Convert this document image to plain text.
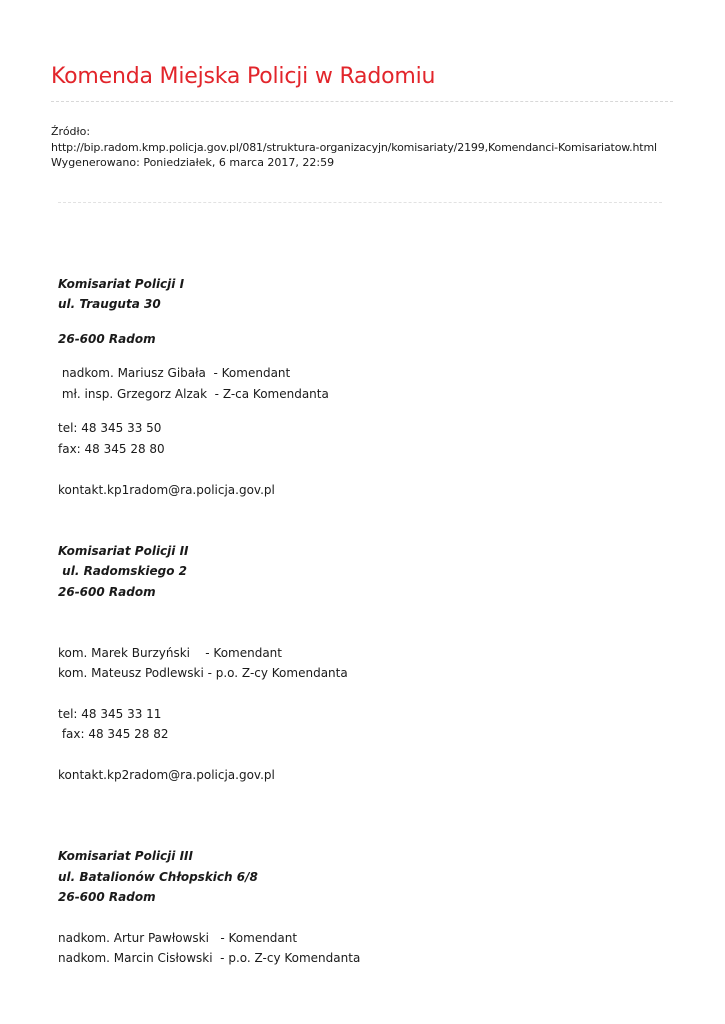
Komenda Miejska Policji w Radomiu
Źródło:
http://bip.radom.kmp.policja.gov.pl/081/struktura-organizacyjn/komisariaty/2199,Komendanci-Komisariatow.html
Wygenerowano: Poniedziałek, 6 marca 2017, 22:59
Komisariat Policji I
ul. Trauguta 30
26-600 Radom
nadkom. Mariusz Gibała  - Komendant
mł. insp. Grzegorz Alzak  - Z-ca Komendanta
tel: 48 345 33 50
fax: 48 345 28 80
kontakt.kp1radom@ra.policja.gov.pl
Komisariat Policji II
ul. Radomskiego 2
26-600 Radom
kom. Marek Burzyński    - Komendant
kom. Mateusz Podlewski - p.o. Z-cy Komendanta
tel: 48 345 33 11
fax: 48 345 28 82
kontakt.kp2radom@ra.policja.gov.pl
Komisariat Policji III
ul. Batalionów Chłopskich 6/8
26-600 Radom
nadkom. Artur Pawłowski   - Komendant
nadkom. Marcin Cisłowski  - p.o. Z-cy Komendanta
